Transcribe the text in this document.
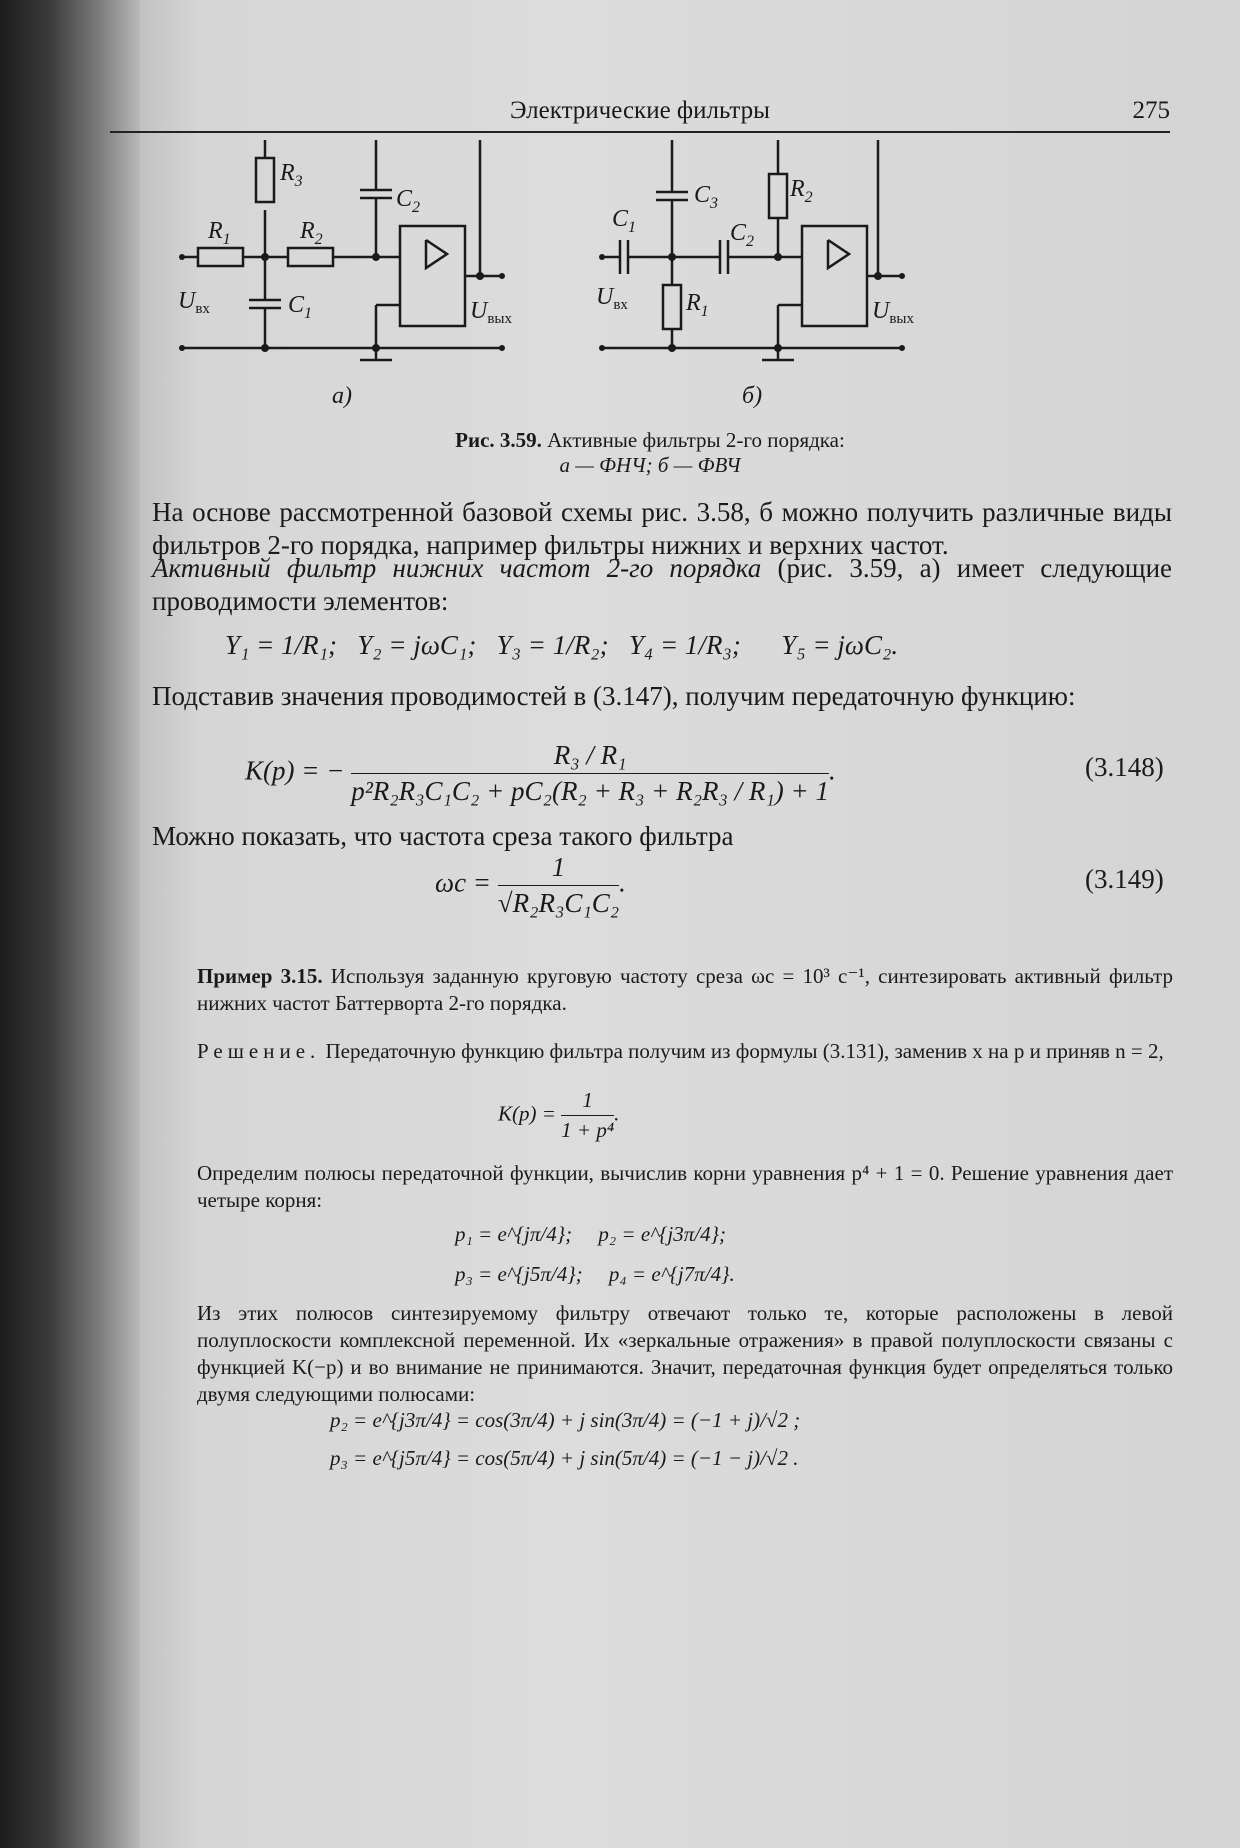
Электрические фильтры	275
$R_3$
$R_1$	$R_2$
$C_2$
$C_1$
$U_{вх}$	$U_{вых}$
а)
$C_1$
$C_3$
$C_2$
$R_2$
$R_1$
$U_{вх}$	$U_{вых}$
б)
Рис. 3.59. Активные фильтры 2-го порядка:
а — ФНЧ; б — ФВЧ
На основе рассмотренной базовой схемы рис. 3.58, б можно получить различные виды фильтров 2-го порядка, например фильтры нижних и верхних частот.
Активный фильтр нижних частот 2-го порядка (рис. 3.59, а) имеет следующие проводимости элементов:
Y₁ = 1/R₁;   Y₂ = jωC₁;   Y₃ = 1/R₂;   Y₄ = 1/R₃;      Y₅ = jωC₂.
Подставив значения проводимостей в (3.147), получим передаточную функцию:
K(p) = − $\frac{\text{R₃ / R₁}}{\text{p²R₂R₃C₁C₂ + pC₂(R₂ + R₃ + R₂R₃ / R₁) + 1}}$ .	(3.148)
Можно показать, что частота среза такого фильтра
$\omega c = \frac{1}{\text{√R₂R₃C₁C₂}}$ .	(3.149)
Пример 3.15. Используя заданную круговую частоту среза ωc = 10³ c⁻¹, синтезировать активный фильтр нижних частот Баттерворта 2-го порядка.
Решение. Передаточную функцию фильтра получим из формулы (3.131), заменив x на p и приняв n = 2,
$K(p) = \frac{1}{\text{1 + p⁴}}$ .
Определим полюсы передаточной функции, вычислив корни уравнения p⁴ + 1 = 0. Решение уравнения дает четыре корня:
p₁ = e^{jπ/4};     p₂ = e^{j3π/4};
p₃ = e^{j5π/4};     p₄ = e^{j7π/4}.
Из этих полюсов синтезируемому фильтру отвечают только те, которые расположены в левой полуплоскости комплексной переменной. Их «зеркальные отражения» в правой полуплоскости связаны с функцией K(−p) и во внимание не принимаются. Значит, передаточная функция будет определяться только двумя следующими полюсами:
p₂ = e^{j3π/4} = cos(3π/4) + j sin(3π/4) = (−1 + j)/√2 ;
p₃ = e^{j5π/4} = cos(5π/4) + j sin(5π/4) = (−1 − j)/√2 .
